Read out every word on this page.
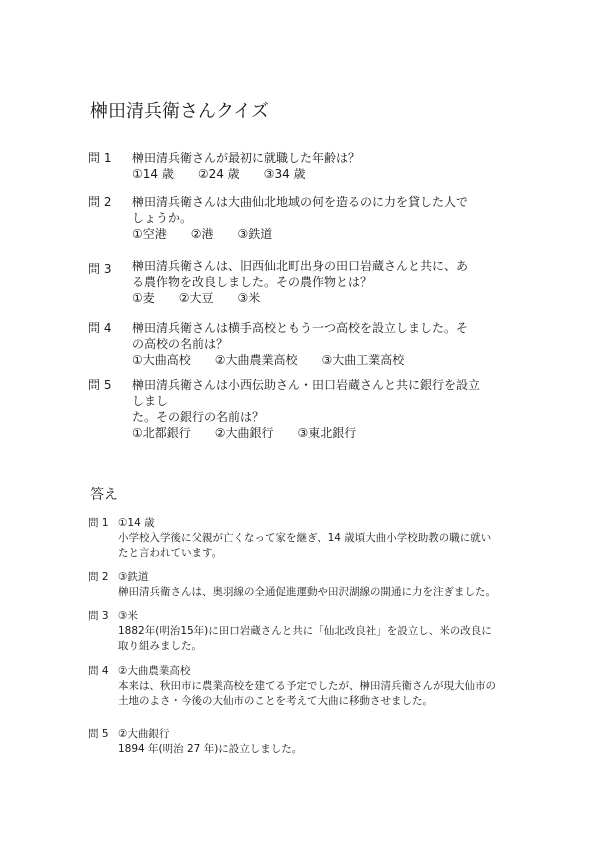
榊田清兵衛さんクイズ
問 1 榊田清兵衛さんが最初に就職した年齢は？
①14 歳　　②24 歳　　③34 歳
問 2 榊田清兵衛さんは大曲仙北地域の何を造るのに力を貸した人で
しょうか。
①空港　　②港　　③鉄道
問 3 榊田清兵衛さんは、旧西仙北町出身の田口岩蔵さんと共に、あ
る農作物を改良しました。その農作物とは？
①麦　　②大豆　　③米
問 4 榊田清兵衛さんは横手高校ともう一つ高校を設立しました。そ
の高校の名前は？
①大曲高校　　②大曲農業高校　　③大曲工業高校
問 5 榊田清兵衛さんは小西伝助さん・田口岩蔵さんと共に銀行を設立しまし
た。その銀行の名前は？
①北都銀行　　②大曲銀行　　③東北銀行
答え
問 1 ①14 歳
小学校入学後に父親が亡くなって家を継ぎ、14 歳頃大曲小学校助教の職に就い
たと言われています。
問 2 ③鉄道
榊田清兵衛さんは、奥羽線の全通促進運動や田沢湖線の開通に力を注ぎました。
問 3 ③米
1882年(明治15年)に田口岩蔵さんと共に「仙北改良社」を設立し、米の改良に
取り組みました。
問 4 ②大曲農業高校
本来は、秋田市に農業高校を建てる予定でしたが、榊田清兵衛さんが現大仙市の
土地のよさ・今後の大仙市のことを考えて大曲に移動させました。
問 5 ②大曲銀行
1894 年(明治 27 年)に設立しました。
